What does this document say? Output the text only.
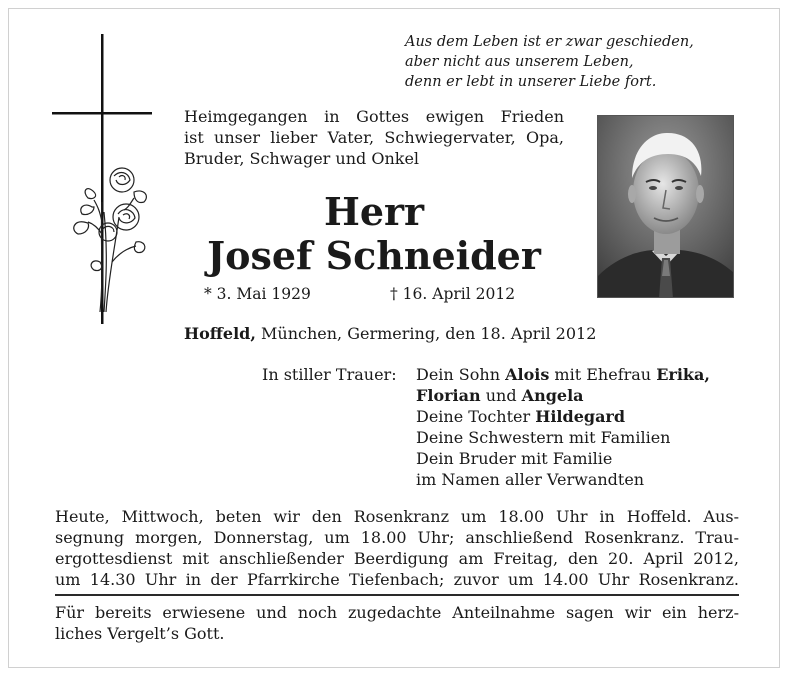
Aus dem Leben ist er zwar geschieden,
aber nicht aus unserem Leben,
denn er lebt in unserer Liebe fort.
Heimgegangen in Gottes ewigen Frieden
ist unser lieber Vater, Schwiegervater, Opa,
Bruder, Schwager und Onkel
Herr
Josef Schneider
* 3. Mai 1929	† 16. April 2012
Hoffeld, München, Germering, den 18. April 2012
In stiller Trauer: Dein Sohn Alois mit Ehefrau Erika,
Florian und Angela
Deine Tochter Hildegard
Deine Schwestern mit Familien
Dein Bruder mit Familie
im Namen aller Verwandten
Heute, Mittwoch, beten wir den Rosenkranz um 18.00 Uhr in Hoffeld. Aus-
segnung morgen, Donnerstag, um 18.00 Uhr; anschließend Rosenkranz. Trau-
ergottesdienst mit anschließender Beerdigung am Freitag, den 20. April 2012,
um 14.30 Uhr in der Pfarrkirche Tiefenbach; zuvor um 14.00 Uhr Rosenkranz.
Für bereits erwiesene und noch zugedachte Anteilnahme sagen wir ein herz-
liches Vergelt’s Gott.
